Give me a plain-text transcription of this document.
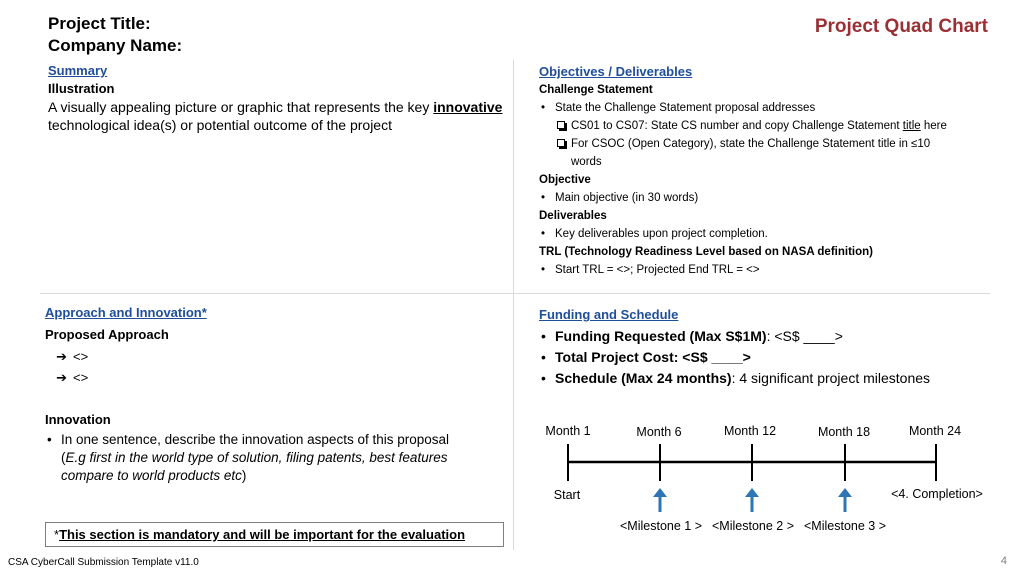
Project Title:
Company Name:
Project Quad Chart
Summary
Illustration
A visually appealing picture or graphic that represents the key innovative technological idea(s) or potential outcome of the project
Objectives / Deliverables
Challenge Statement
• State the Challenge Statement proposal addresses
CS01 to CS07: State CS number and copy Challenge Statement title here
For CSOC (Open Category), state the Challenge Statement title in ≤10 words
Objective
• Main objective (in 30 words)
Deliverables
• Key deliverables upon project completion.
TRL (Technology Readiness Level based on NASA definition)
• Start TRL = <>; Projected End TRL = <>
Approach and Innovation*
Proposed Approach
➔ <>
➔ <>
Innovation
• In one sentence, describe the innovation aspects of this proposal (E.g first in the world type of solution, filing patents, best features compare to world products etc)
*This section is mandatory and will be important for the evaluation
Funding and Schedule
• Funding Requested (Max S$1M): <S$ ____>
• Total Project Cost: <S$ ____>
• Schedule (Max 24 months): 4 significant project milestones
Month 1	Month 6	Month 12	Month 18	Month 24
Start	<4. Completion>
<Milestone 1 > <Milestone 2 > <Milestone 3 >
CSA CyberCall Submission Template v11.0	4
